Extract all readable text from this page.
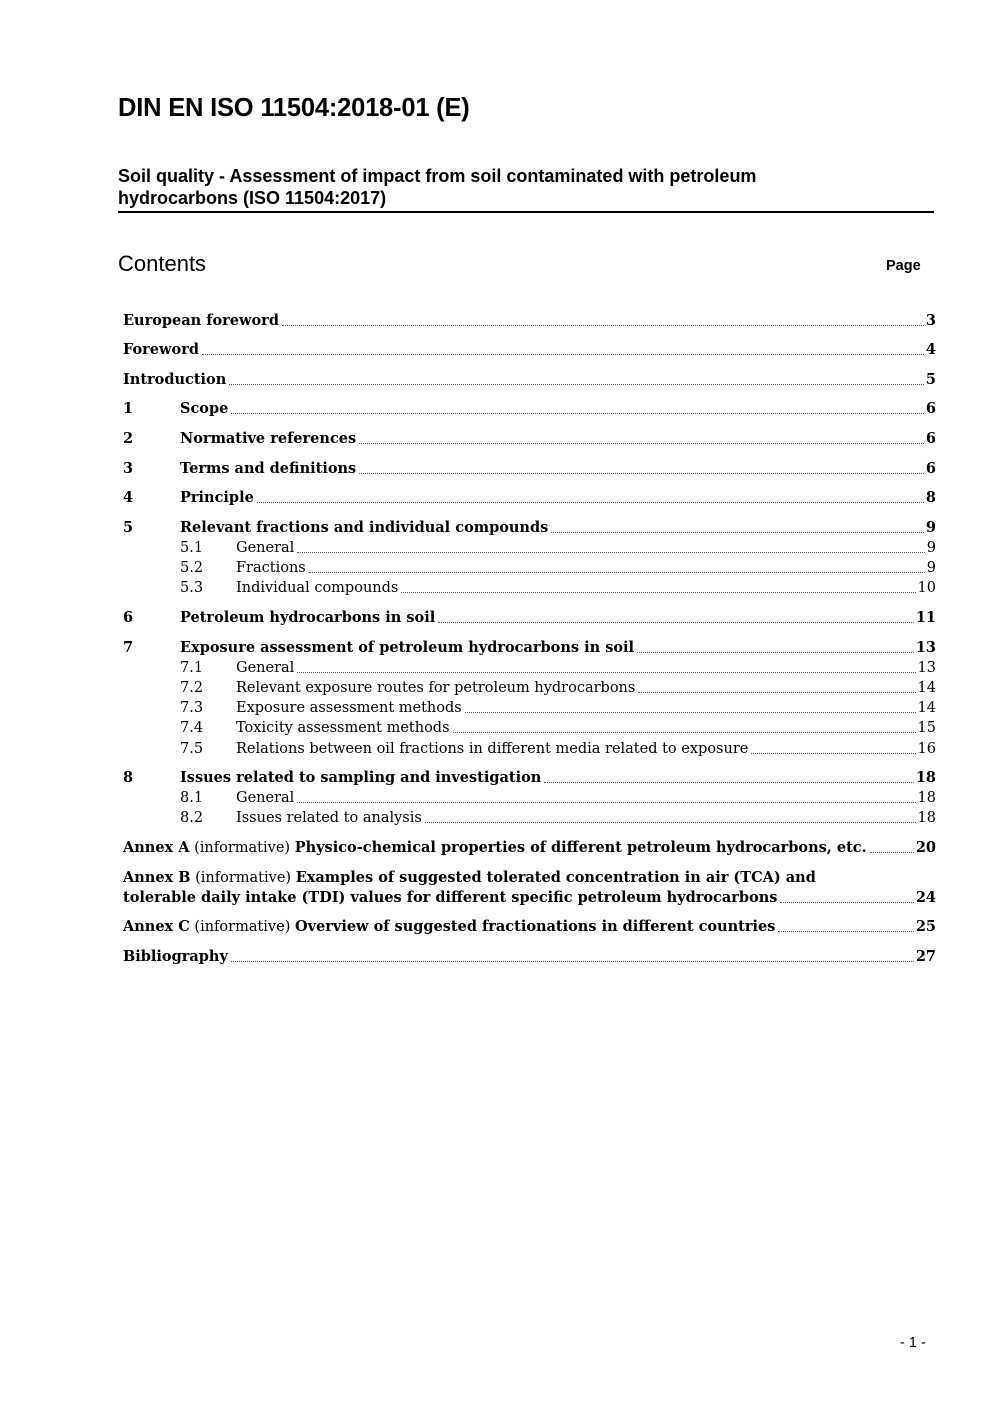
DIN EN ISO 11504:2018-01 (E)
Soil quality - Assessment of impact from soil contaminated with petroleum
hydrocarbons (ISO 11504:2017)
Contents	Page
European foreword	3
Foreword	4
Introduction	5
1	Scope	6
2	Normative references	6
3	Terms and definitions	6
4	Principle	8
5	Relevant fractions and individual compounds	9
5.1	General	9
5.2	Fractions	9
5.3	Individual compounds	10
6	Petroleum hydrocarbons in soil	11
7	Exposure assessment of petroleum hydrocarbons in soil	13
7.1	General	13
7.2	Relevant exposure routes for petroleum hydrocarbons	14
7.3	Exposure assessment methods	14
7.4	Toxicity assessment methods	15
7.5	Relations between oil fractions in different media related to exposure	16
8	Issues related to sampling and investigation	18
8.1	General	18
8.2	Issues related to analysis	18
Annex A (informative) Physico-chemical properties of different petroleum hydrocarbons, etc.	20
Annex B (informative) Examples of suggested tolerated concentration in air (TCA) and
tolerable daily intake (TDI) values for different specific petroleum hydrocarbons	24
Annex C (informative) Overview of suggested fractionations in different countries	25
Bibliography	27
- 1 -
